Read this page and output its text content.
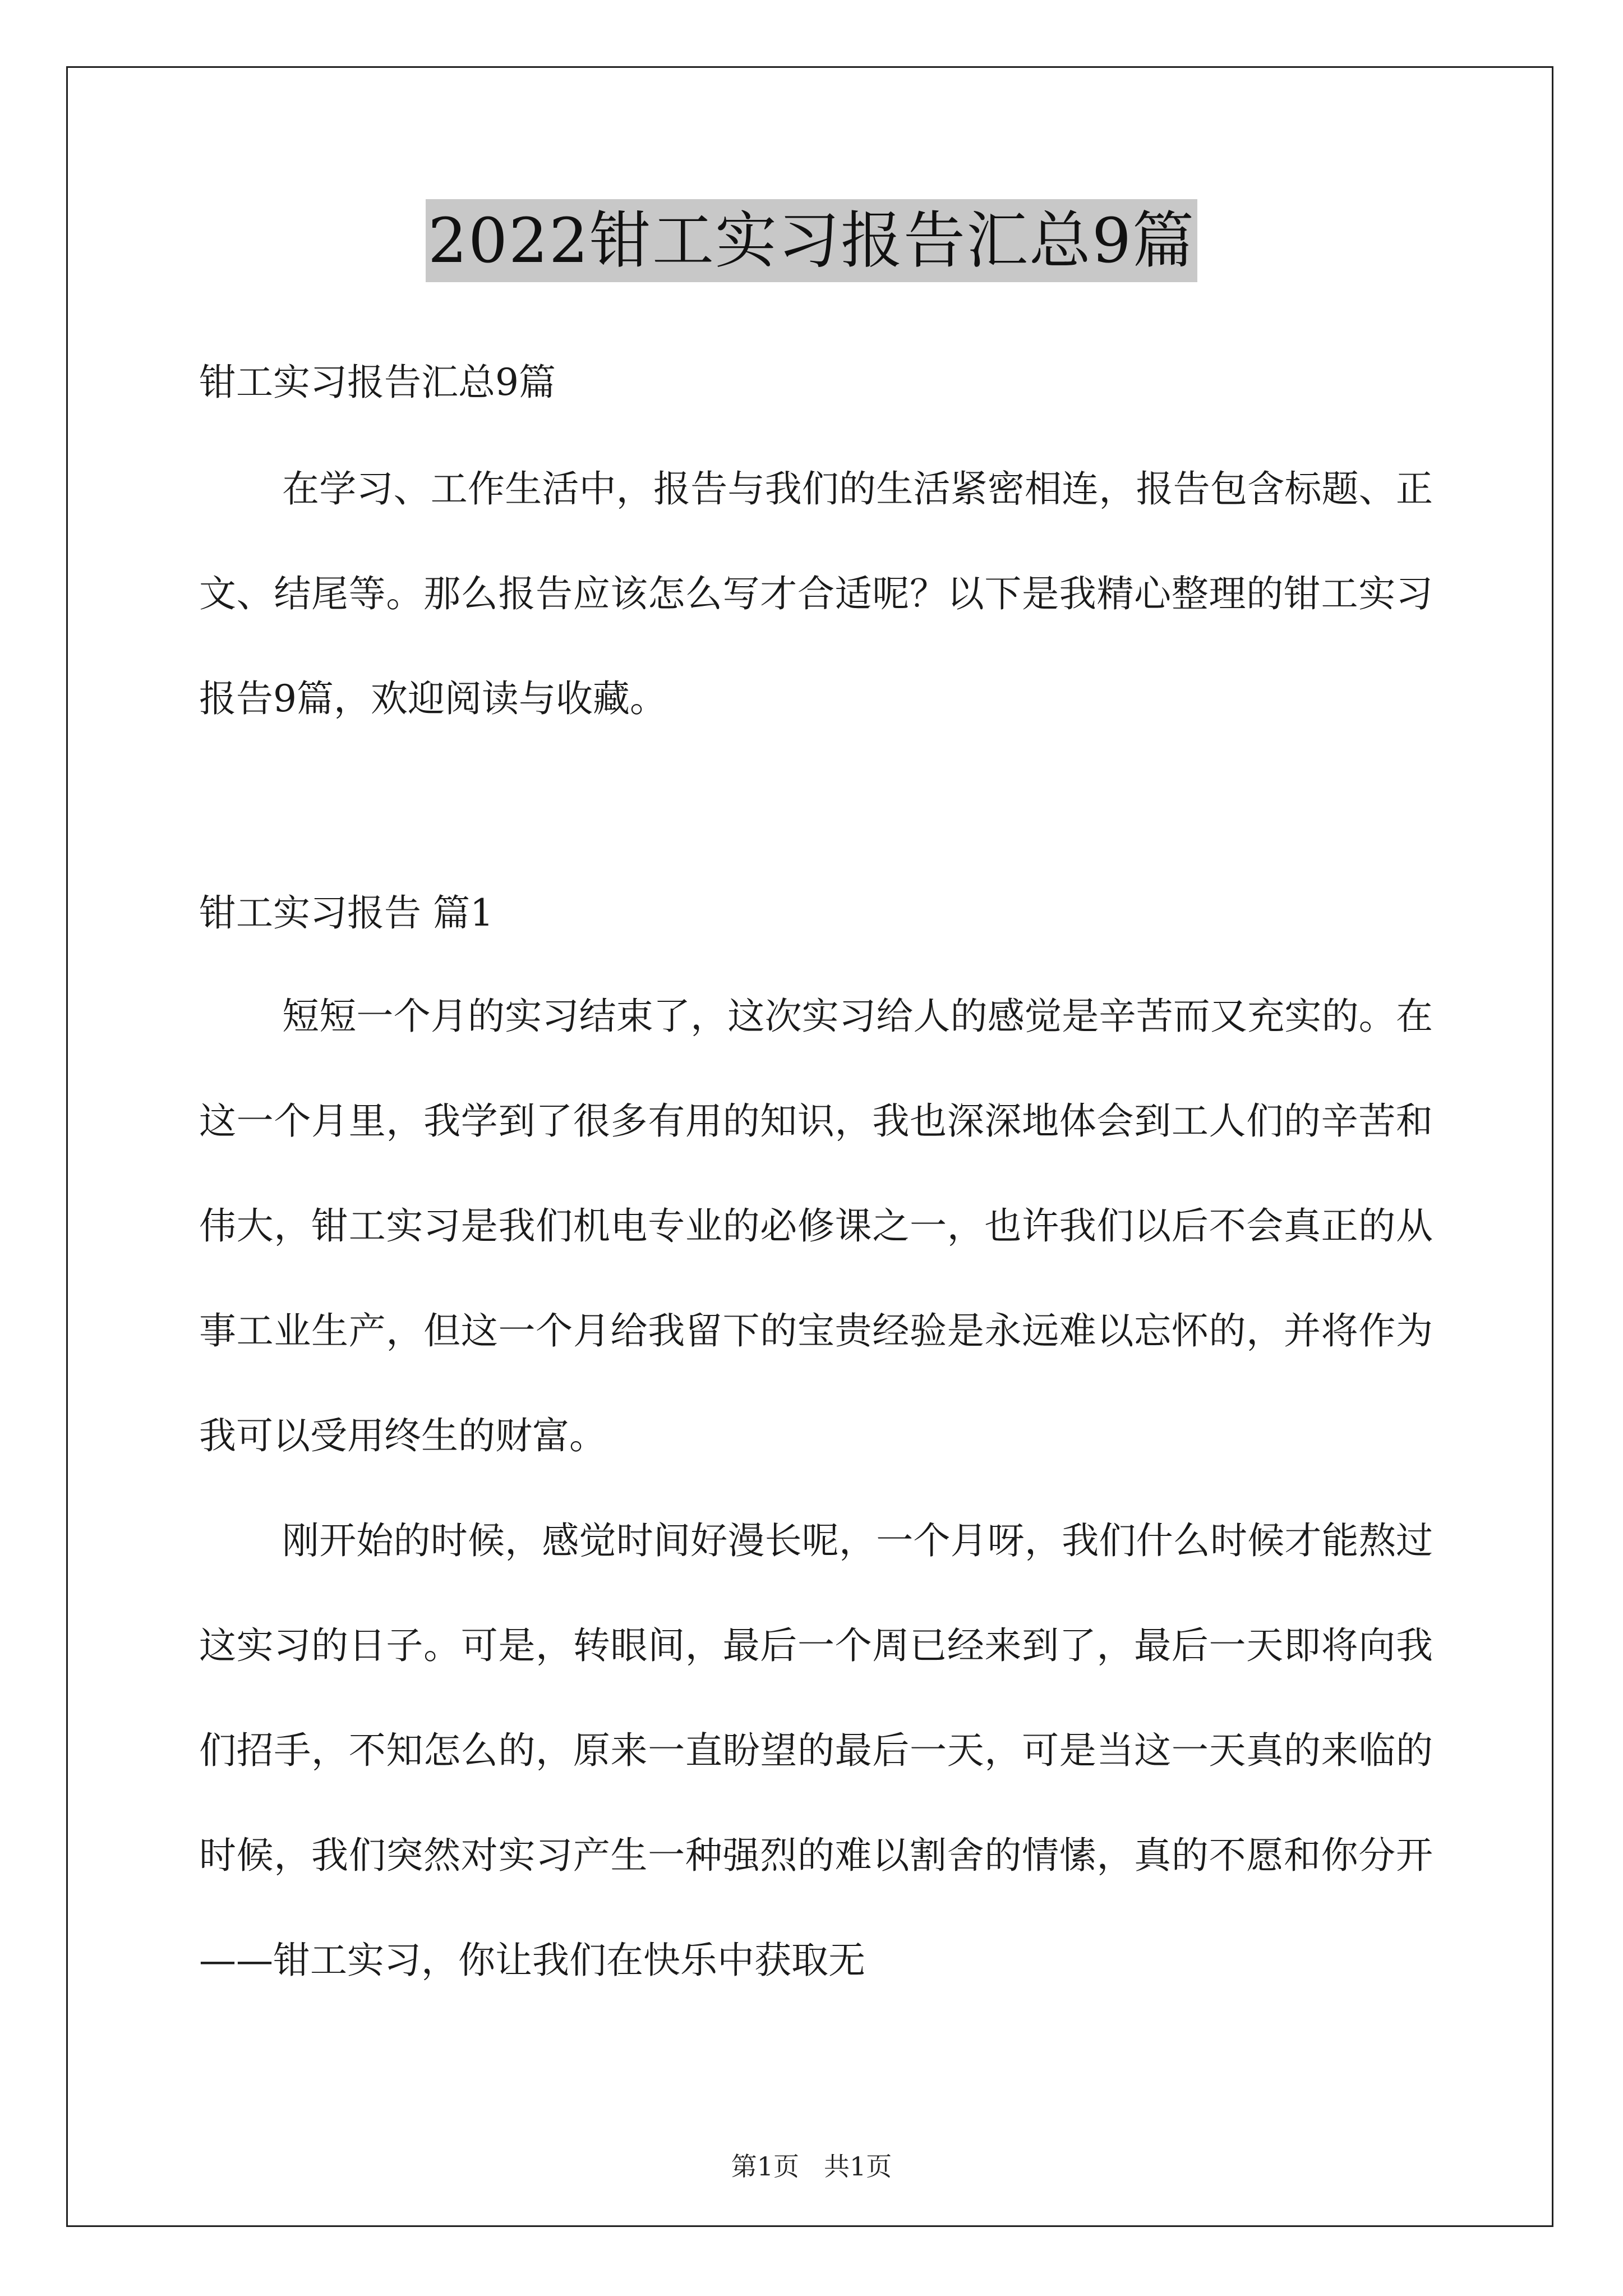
2022钳工实习报告汇总9篇
钳工实习报告汇总9篇

在学习、工作生活中，报告与我们的生活紧密相连，报告包含标题、正文、结尾等。那么报告应该怎么写才合适呢？以下是我精心整理的钳工实习报告9篇，欢迎阅读与收藏。

钳工实习报告 篇1

短短一个月的实习结束了，这次实习给人的感觉是辛苦而又充实的。在这一个月里，我学到了很多有用的知识，我也深深地体会到工人们的辛苦和伟大，钳工实习是我们机电专业的必修课之一，也许我们以后不会真正的从事工业生产，但这一个月给我留下的宝贵经验是永远难以忘怀的，并将作为我可以受用终生的财富。

刚开始的时候，感觉时间好漫长呢，一个月呀，我们什么时候才能熬过这实习的日子。可是，转眼间，最后一个周已经来到了，最后一天即将向我们招手，不知怎么的，原来一直盼望的最后一天，可是当这一天真的来临的时候，我们突然对实习产生一种强烈的难以割舍的情愫，真的不愿和你分开——钳工实习，你让我们在快乐中获取无

第1页 共1页
